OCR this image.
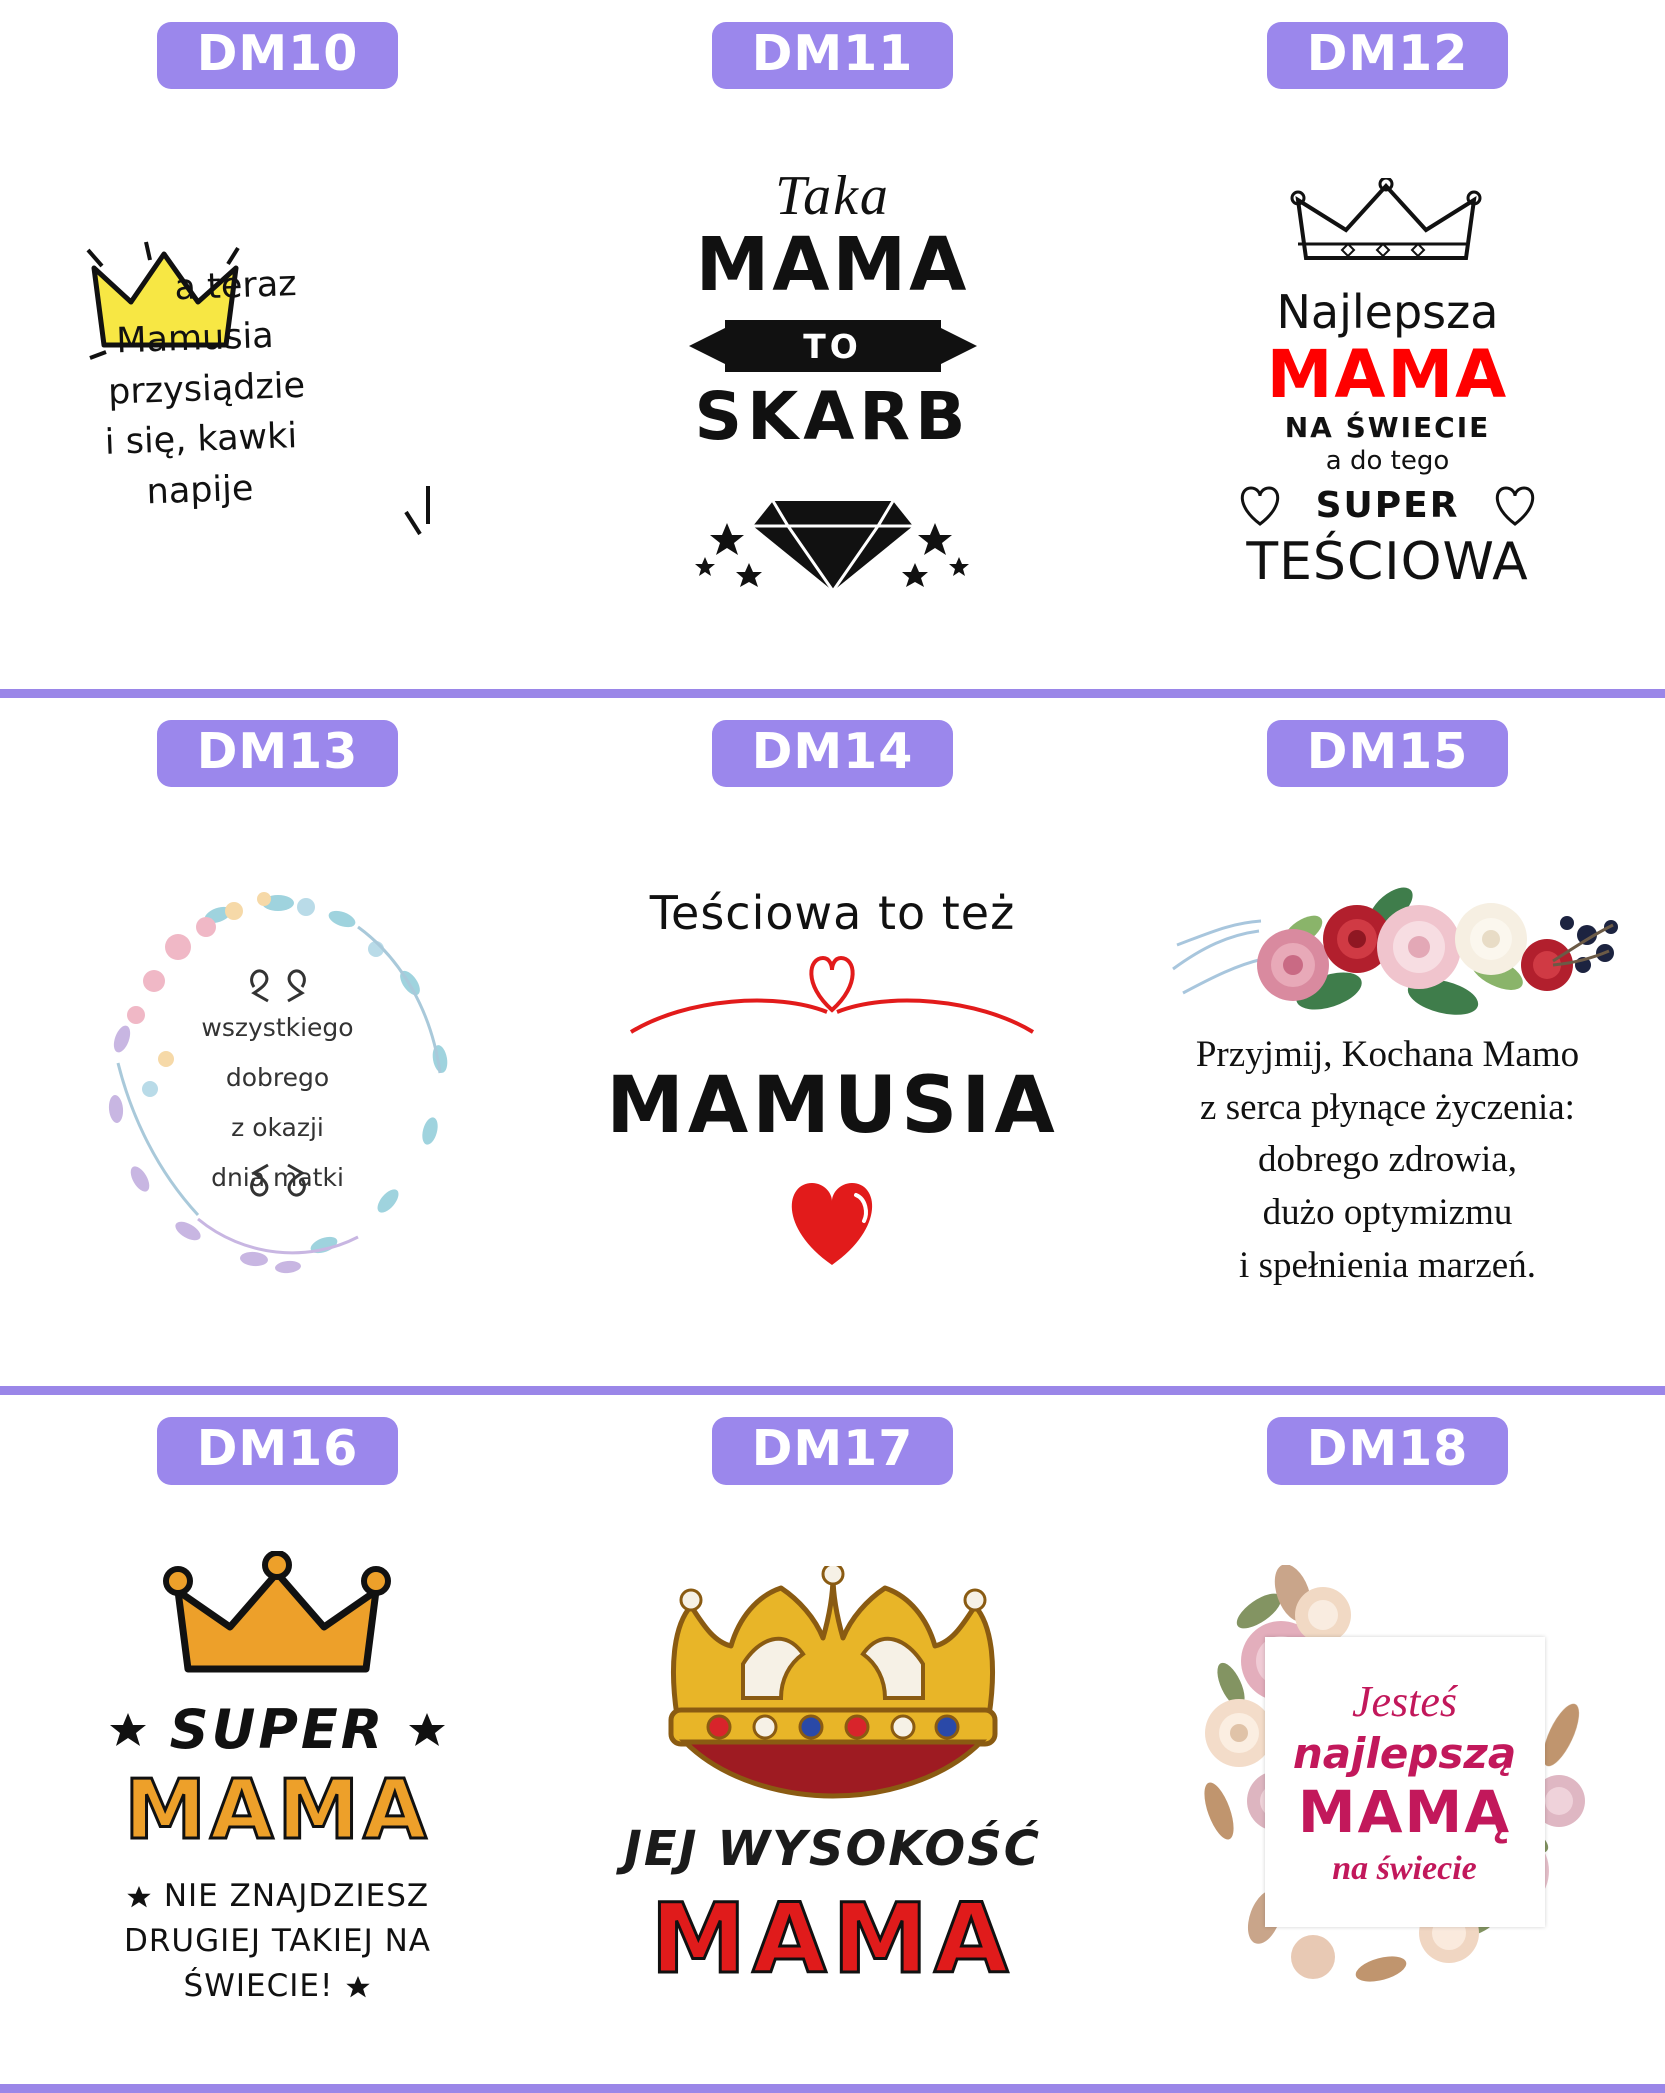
DM10
a teraz
Mamusia
przysiądzie
i się, kawki
napije
DM11
Taka
MAMA
TO
SKARB
DM12
Najlepsza
MAMA
NA ŚWIECIE
a do tego
SUPER
TEŚCIOWA
DM13
wszystkiego
dobrego
z okazji
dnia matki
DM14
Teściowa to też
MAMUSIA
DM15
Przyjmij, Kochana Mamo
z serca płynące życzenia:
dobrego zdrowia,
dużo optymizmu
i spełnienia marzeń.
DM16
SUPER
MAMA
NIE ZNAJDZIESZ
DRUGIEJ TAKIEJ NA
ŚWIECIE!
DM17
JEJ WYSOKOŚĆ
MAMA
DM18
Jesteś
najlepszą
MAMĄ
na świecie
